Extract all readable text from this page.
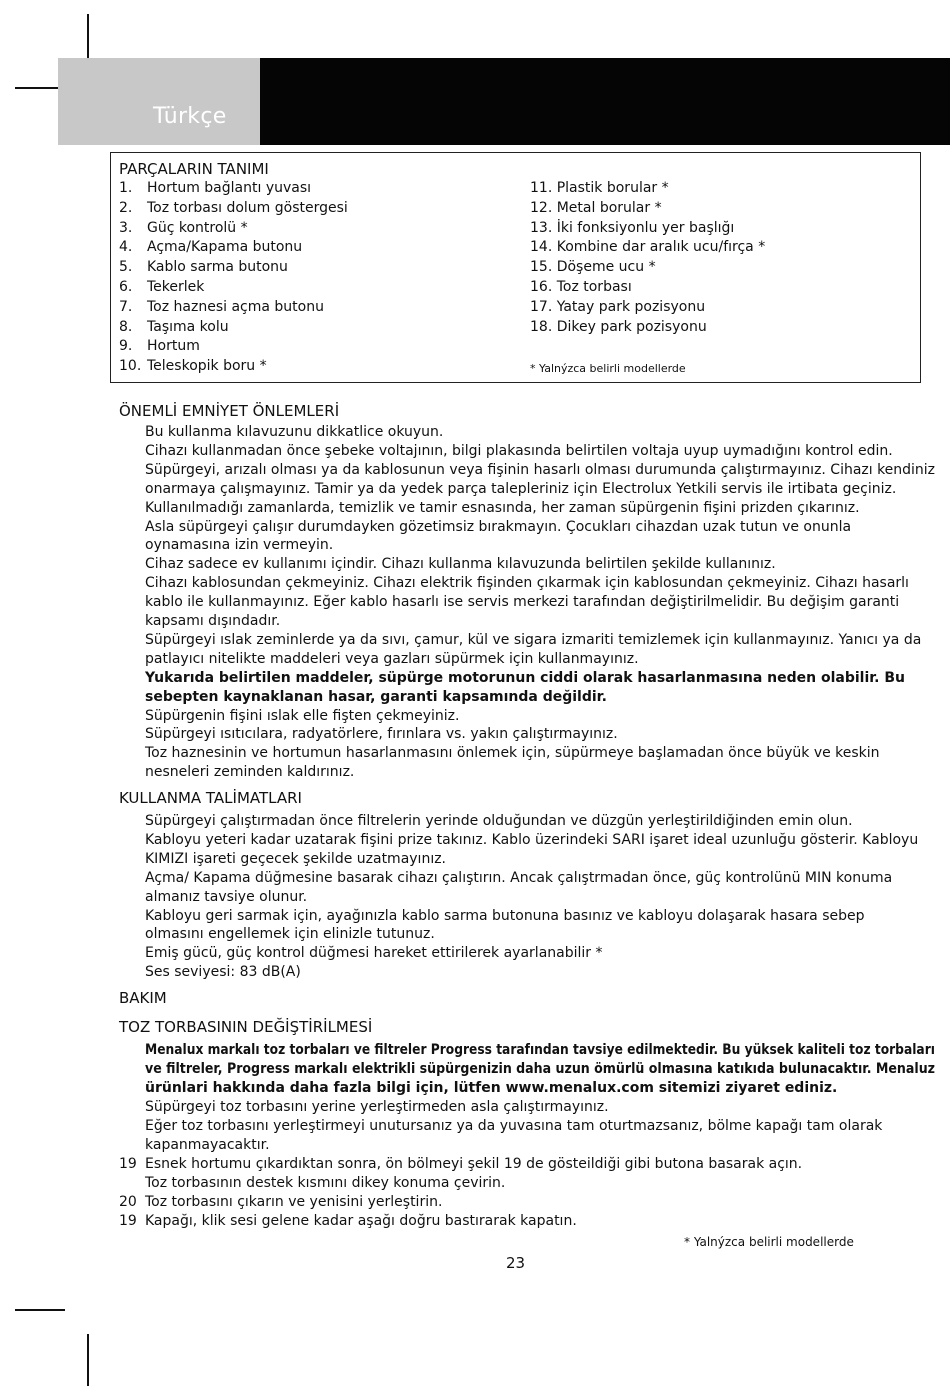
Türkçe
PARÇALARIN TANIMI
1. Hortum bağlantı yuvası
2. Toz torbası dolum göstergesi
3. Güç kontrolü *
4. Açma/Kapama butonu
5. Kablo sarma butonu
6. Tekerlek
7. Toz haznesi açma butonu
8. Taşıma kolu
9. Hortum
10. Teleskopik boru *
11. Plastik borular *
12. Metal borular *
13. İki fonksiyonlu yer başlığı
14. Kombine dar aralık ucu/fırça *
15. Döşeme ucu *
16. Toz torbası
17. Yatay park pozisyonu
18. Dikey park pozisyonu
* Yalnýzca belirli modellerde
ÖNEMLİ EMNİYET ÖNLEMLERİ
Bu kullanma kılavuzunu dikkatlice okuyun.
Cihazı kullanmadan önce şebeke voltajının, bilgi plakasında belirtilen voltaja uyup uymadığını kontrol edin.
Süpürgeyi, arızalı olması ya da kablosunun veya fişinin hasarlı olması durumunda çalıştırmayınız. Cihazı kendiniz
onarmaya çalışmayınız. Tamir ya da yedek parça talepleriniz için Electrolux Yetkili servis ile irtibata geçiniz.
Kullanılmadığı zamanlarda, temizlik ve tamir esnasında, her zaman süpürgenin fişini prizden çıkarınız.
Asla süpürgeyi çalışır durumdayken gözetimsiz bırakmayın. Çocukları cihazdan uzak tutun ve onunla
oynamasına izin vermeyin.
Cihaz sadece ev kullanımı içindir. Cihazı kullanma kılavuzunda belirtilen şekilde kullanınız.
Cihazı kablosundan çekmeyiniz. Cihazı elektrik fişinden çıkarmak için kablosundan çekmeyiniz. Cihazı hasarlı
kablo ile kullanmayınız. Eğer kablo hasarlı ise servis merkezi tarafından değiştirilmelidir. Bu değişim garanti
kapsamı dışındadır.
Süpürgeyi ıslak zeminlerde ya da sıvı, çamur, kül ve sigara izmariti temizlemek için kullanmayınız. Yanıcı ya da
patlayıcı nitelikte maddeleri veya gazları süpürmek için kullanmayınız.
Yukarıda belirtilen maddeler, süpürge motorunun ciddi olarak hasarlanmasına neden olabilir. Bu
sebepten kaynaklanan hasar, garanti kapsamında değildir.
Süpürgenin fişini ıslak elle fişten çekmeyiniz.
Süpürgeyi ısıtıcılara, radyatörlere, fırınlara vs. yakın çalıştırmayınız.
Toz haznesinin ve hortumun hasarlanmasını önlemek için, süpürmeye başlamadan önce büyük ve keskin
nesneleri zeminden kaldırınız.
KULLANMA TALİMATLARI
Süpürgeyi çalıştırmadan önce filtrelerin yerinde olduğundan ve düzgün yerleştirildiğinden emin olun.
Kabloyu yeteri kadar uzatarak fişini prize takınız. Kablo üzerindeki SARI işaret ideal uzunluğu gösterir. Kabloyu
KIMIZI işareti geçecek şekilde uzatmayınız.
Açma/ Kapama düğmesine basarak cihazı çalıştırın. Ancak çalıştrmadan önce, güç kontrolünü MIN konuma
almanız tavsiye olunur.
Kabloyu geri sarmak için, ayağınızla kablo sarma butonuna basınız ve kabloyu dolaşarak hasara sebep
olmasını engellemek için elinizle tutunuz.
Emiş gücü, güç kontrol düğmesi hareket ettirilerek ayarlanabilir *
Ses seviyesi: 83 dB(A)
BAKIM
TOZ TORBASININ DEĞİŞTİRİLMESİ
Menalux markalı toz torbaları ve filtreler Progress tarafından tavsiye edilmektedir. Bu yüksek kaliteli toz torbaları
ve filtreler, Progress markalı elektrikli süpürgenizin daha uzun ömürlü olmasına katıkıda bulunacaktır. Menaluz
ürünlari hakkında daha fazla bilgi için, lütfen www.menalux.com sitemizi ziyaret ediniz.
Süpürgeyi toz torbasını yerine yerleştirmeden asla çalıştırmayınız.
Eğer toz torbasını yerleştirmeyi unutursanız ya da yuvasına tam oturtmazsanız, bölme kapağı tam olarak
kapanmayacaktır.
19 Esnek hortumu çıkardıktan sonra, ön bölmeyi şekil 19 de gösteildiği gibi butona basarak açın.
Toz torbasının destek kısmını dikey konuma çevirin.
20 Toz torbasını çıkarın ve yenisini yerleştirin.
19 Kapağı, klik sesi gelene kadar aşağı doğru bastırarak kapatın.
* Yalnýzca belirli modellerde
23
